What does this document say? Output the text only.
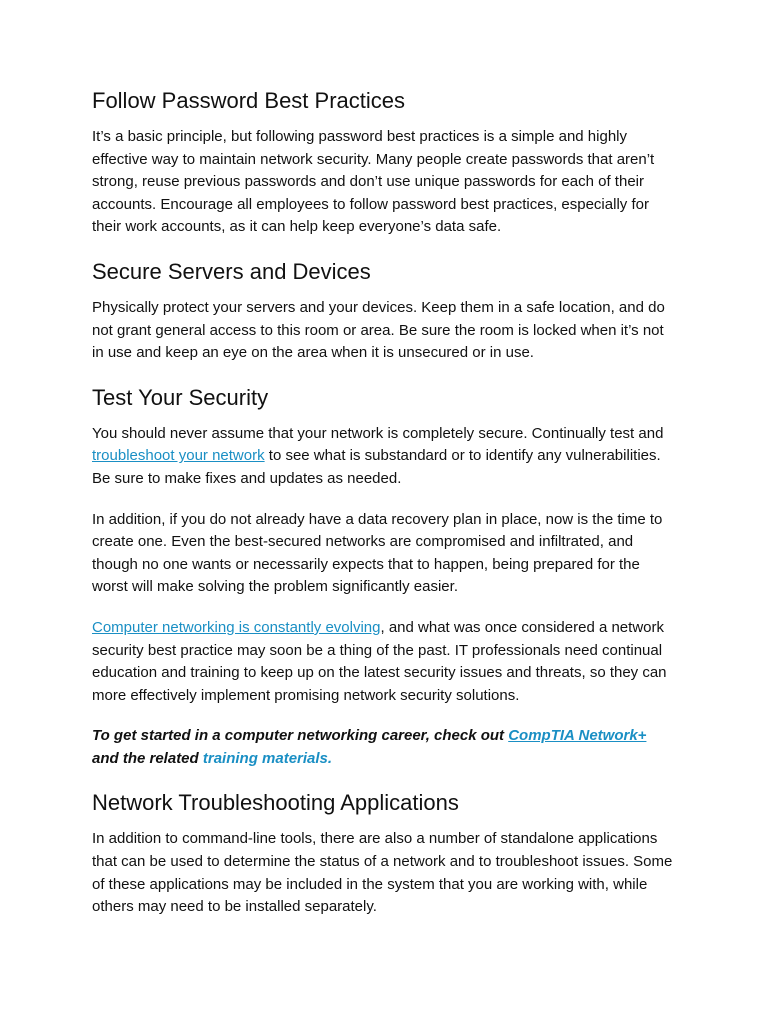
Follow Password Best Practices

It’s a basic principle, but following password best practices is a simple and highly effective way to maintain network security. Many people create passwords that aren’t strong, reuse previous passwords and don’t use unique passwords for each of their accounts. Encourage all employees to follow password best practices, especially for their work accounts, as it can help keep everyone’s data safe.

Secure Servers and Devices

Physically protect your servers and your devices. Keep them in a safe location, and do not grant general access to this room or area. Be sure the room is locked when it’s not in use and keep an eye on the area when it is unsecured or in use.

Test Your Security

You should never assume that your network is completely secure. Continually test and troubleshoot your network to see what is substandard or to identify any vulnerabilities. Be sure to make fixes and updates as needed.

In addition, if you do not already have a data recovery plan in place, now is the time to create one. Even the best-secured networks are compromised and infiltrated, and though no one wants or necessarily expects that to happen, being prepared for the worst will make solving the problem significantly easier.

Computer networking is constantly evolving, and what was once considered a network security best practice may soon be a thing of the past. IT professionals need continual education and training to keep up on the latest security issues and threats, so they can more effectively implement promising network security solutions.

To get started in a computer networking career, check out CompTIA Network+ and the related training materials.

Network Troubleshooting Applications

In addition to command-line tools, there are also a number of standalone applications that can be used to determine the status of a network and to troubleshoot issues. Some of these applications may be included in the system that you are working with, while others may need to be installed separately.
